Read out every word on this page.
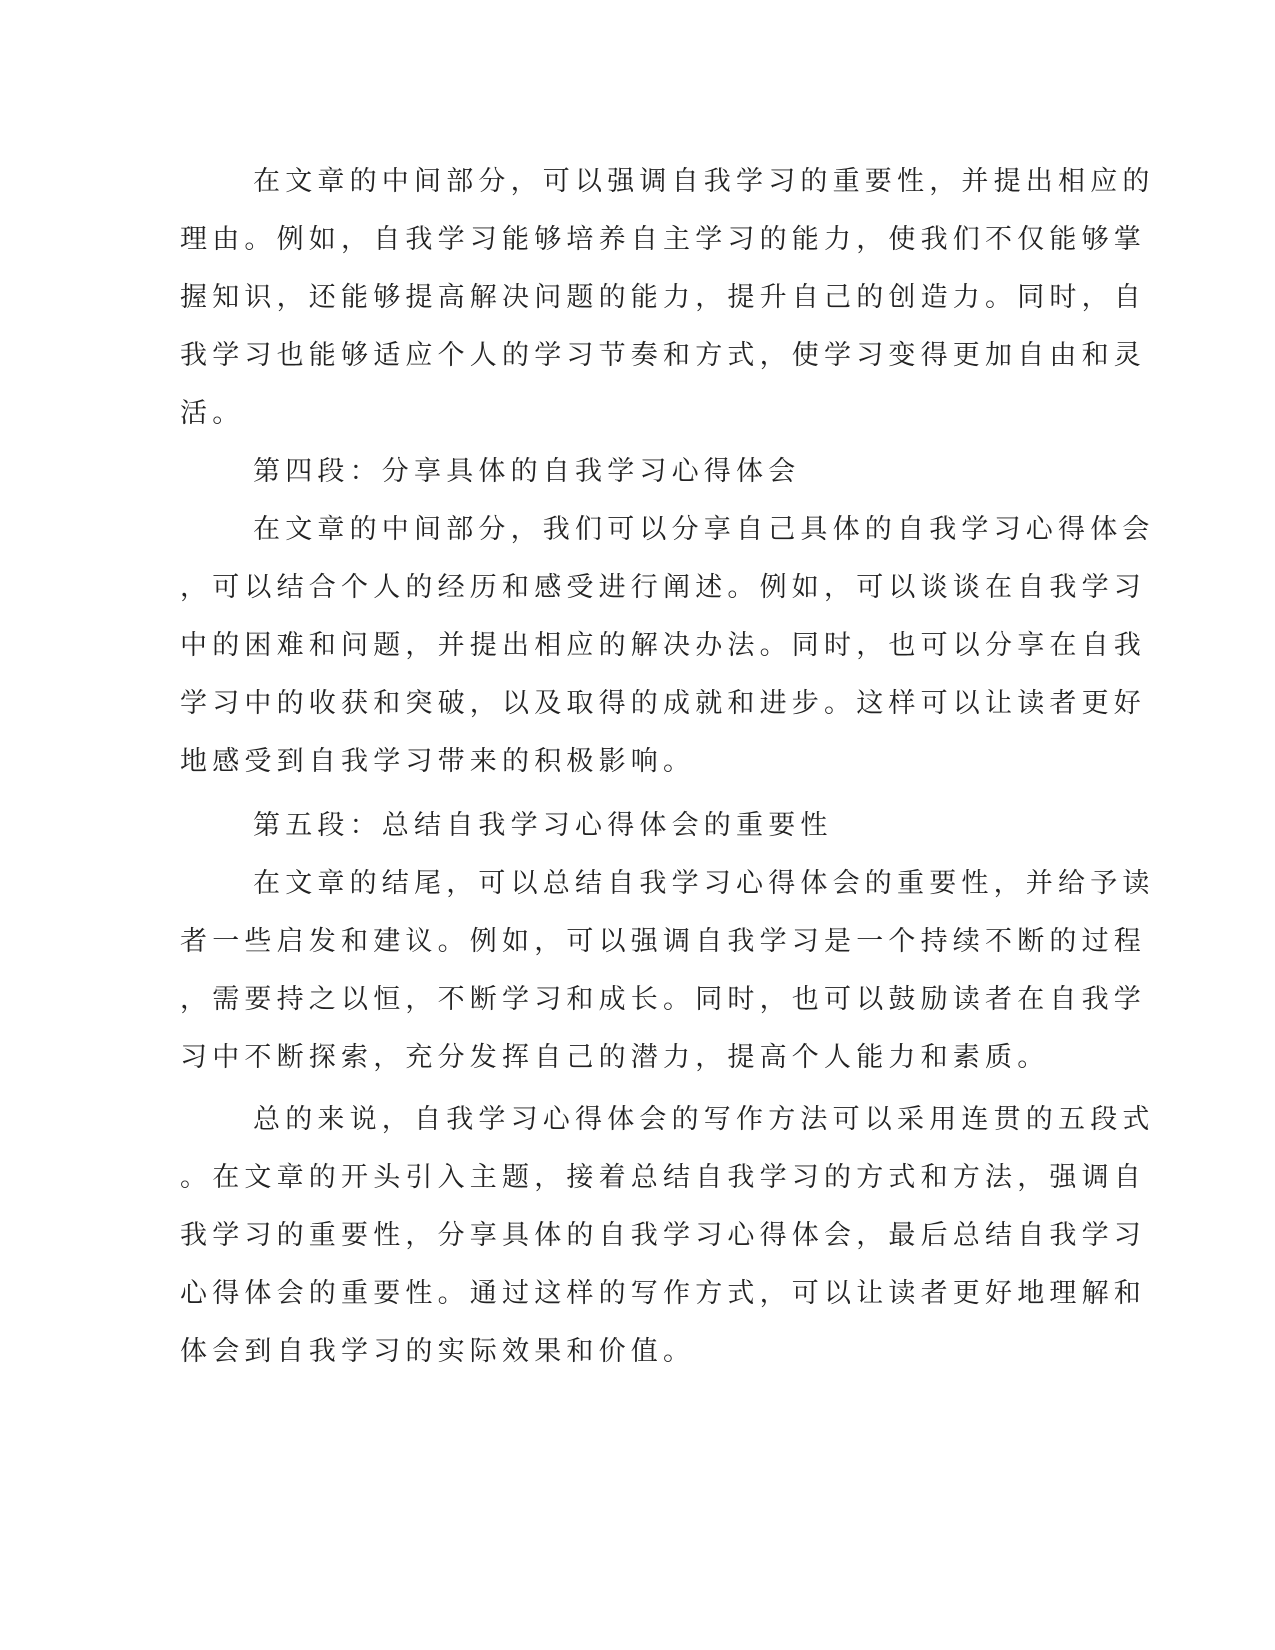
在文章的中间部分，可以强调自我学习的重要性，并提出相应的
理由。例如，自我学习能够培养自主学习的能力，使我们不仅能够掌
握知识，还能够提高解决问题的能力，提升自己的创造力。同时，自
我学习也能够适应个人的学习节奏和方式，使学习变得更加自由和灵
活。
第四段：分享具体的自我学习心得体会
在文章的中间部分，我们可以分享自己具体的自我学习心得体会
，可以结合个人的经历和感受进行阐述。例如，可以谈谈在自我学习
中的困难和问题，并提出相应的解决办法。同时，也可以分享在自我
学习中的收获和突破，以及取得的成就和进步。这样可以让读者更好
地感受到自我学习带来的积极影响。
第五段：总结自我学习心得体会的重要性
在文章的结尾，可以总结自我学习心得体会的重要性，并给予读
者一些启发和建议。例如，可以强调自我学习是一个持续不断的过程
，需要持之以恒，不断学习和成长。同时，也可以鼓励读者在自我学
习中不断探索，充分发挥自己的潜力，提高个人能力和素质。
总的来说，自我学习心得体会的写作方法可以采用连贯的五段式
。在文章的开头引入主题，接着总结自我学习的方式和方法，强调自
我学习的重要性，分享具体的自我学习心得体会，最后总结自我学习
心得体会的重要性。通过这样的写作方式，可以让读者更好地理解和
体会到自我学习的实际效果和价值。
